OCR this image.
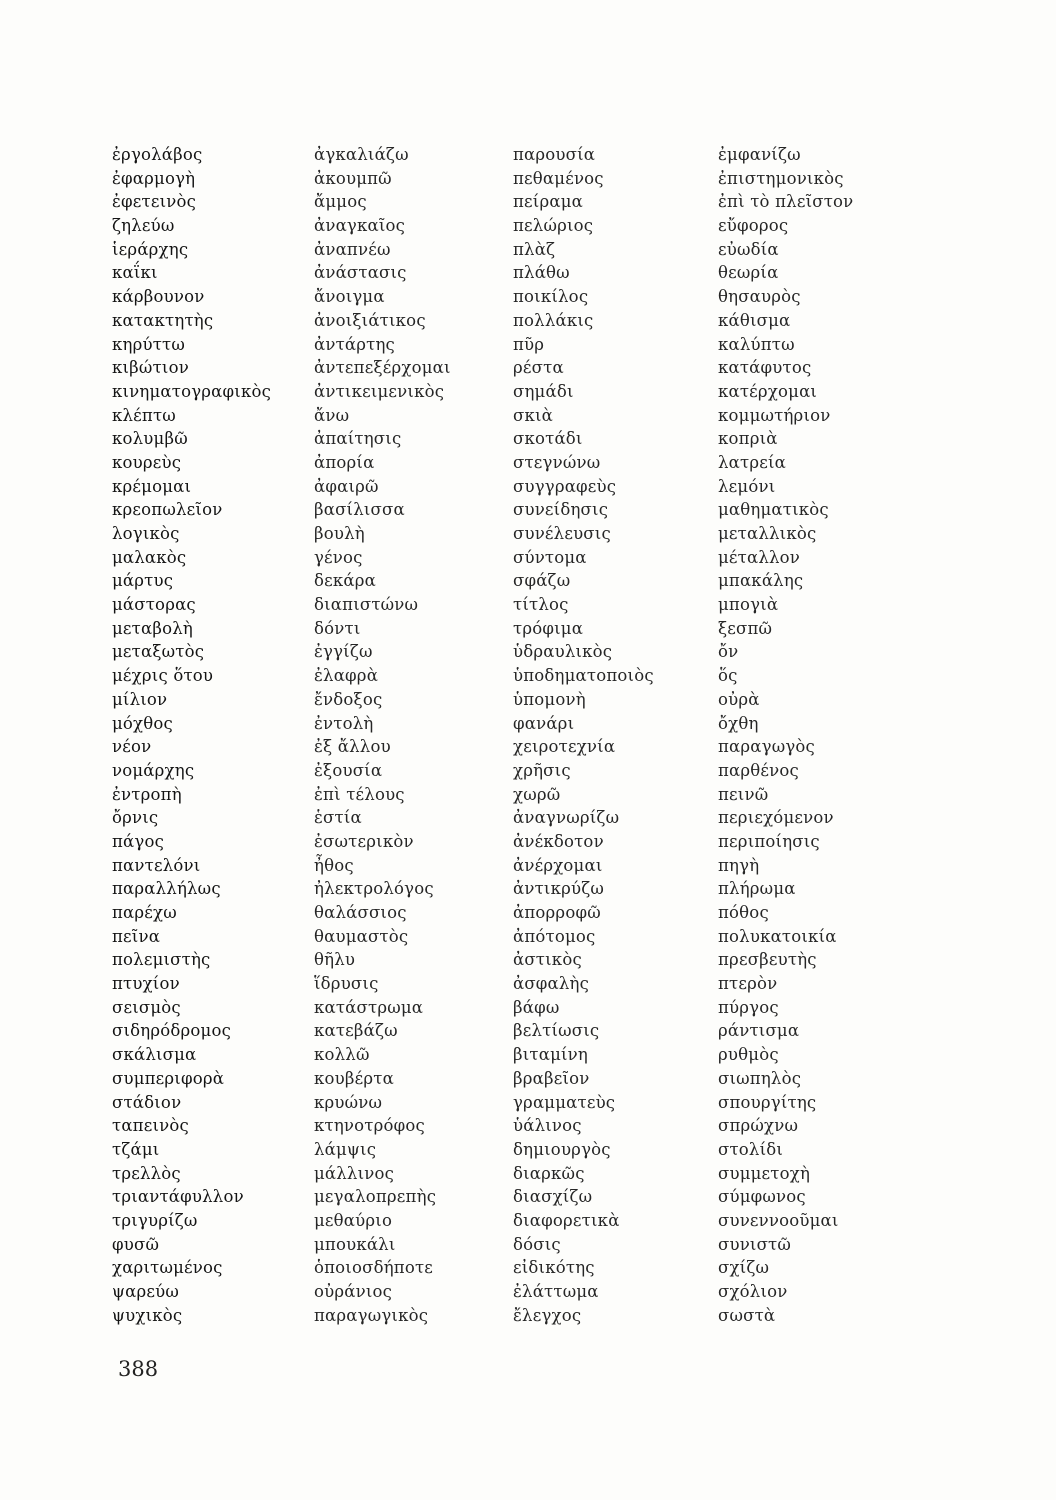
ἐργολάβος
ἐφαρμογὴ
ἐφετεινὸς
ζηλεύω
ἱεράρχης
καΐκι
κάρβουνον
κατακτητὴς
κηρύττω
κιβώτιον
κινηματογραφικὸς
κλέπτω
κολυμβῶ
κουρεὺς
κρέμομαι
κρεοπωλεῖον
λογικὸς
μαλακὸς
μάρτυς
μάστορας
μεταβολὴ
μεταξωτὸς
μέχρις ὅτου
μίλιον
μόχθος
νέον
νομάρχης
ἐντροπὴ
ὄρνις
πάγος
παντελόνι
παραλλήλως
παρέχω
πεῖνα
πολεμιστὴς
πτυχίον
σεισμὸς
σιδηρόδρομος
σκάλισμα
συμπεριφορὰ
στάδιον
ταπεινὸς
τζάμι
τρελλὸς
τριαντάφυλλον
τριγυρίζω
φυσῶ
χαριτωμένος
ψαρεύω
ψυχικὸς
ἀγκαλιάζω
ἀκουμπῶ
ἄμμος
ἀναγκαῖος
ἀναπνέω
ἀνάστασις
ἄνοιγμα
ἀνοιξιάτικος
ἀντάρτης
ἀντεπεξέρχομαι
ἀντικειμενικὸς
ἄνω
ἀπαίτησις
ἀπορία
ἀφαιρῶ
βασίλισσα
βουλὴ
γένος
δεκάρα
διαπιστώνω
δόντι
ἐγγίζω
ἐλαφρὰ
ἔνδοξος
ἐντολὴ
ἐξ ἄλλου
ἐξουσία
ἐπὶ τέλους
ἑστία
ἐσωτερικὸν
ἦθος
ἠλεκτρολόγος
θαλάσσιος
θαυμαστὸς
θῆλυ
ἵδρυσις
κατάστρωμα
κατεβάζω
κολλῶ
κουβέρτα
κρυώνω
κτηνοτρόφος
λάμψις
μάλλινος
μεγαλοπρεπὴς
μεθαύριο
μπουκάλι
ὁποιοσδήποτε
οὐράνιος
παραγωγικὸς
παρουσία
πεθαμένος
πείραμα
πελώριος
πλὰζ
πλάθω
ποικίλος
πολλάκις
πῦρ
ρέστα
σημάδι
σκιὰ
σκοτάδι
στεγνώνω
συγγραφεὺς
συνείδησις
συνέλευσις
σύντομα
σφάζω
τίτλος
τρόφιμα
ὑδραυλικὸς
ὑποδηματοποιὸς
ὑπομονὴ
φανάρι
χειροτεχνία
χρῆσις
χωρῶ
ἀναγνωρίζω
ἀνέκδοτον
ἀνέρχομαι
ἀντικρύζω
ἀπορροφῶ
ἀπότομος
ἀστικὸς
ἀσφαλὴς
βάφω
βελτίωσις
βιταμίνη
βραβεῖον
γραμματεὺς
ὑάλινος
δημιουργὸς
διαρκῶς
διασχίζω
διαφορετικὰ
δόσις
εἰδικότης
ἐλάττωμα
ἔλεγχος
ἐμφανίζω
ἐπιστημονικὸς
ἐπὶ τὸ πλεῖστον
εὔφορος
εὐωδία
θεωρία
θησαυρὸς
κάθισμα
καλύπτω
κατάφυτος
κατέρχομαι
κομμωτήριον
κοπριὰ
λατρεία
λεμόνι
μαθηματικὸς
μεταλλικὸς
μέταλλον
μπακάλης
μπογιὰ
ξεσπῶ
ὄν
ὅς
οὐρὰ
ὄχθη
παραγωγὸς
παρθένος
πεινῶ
περιεχόμενον
περιποίησις
πηγὴ
πλήρωμα
πόθος
πολυκατοικία
πρεσβευτὴς
πτερὸν
πύργος
ράντισμα
ρυθμὸς
σιωπηλὸς
σπουργίτης
σπρώχνω
στολίδι
συμμετοχὴ
σύμφωνος
συνεννοοῦμαι
συνιστῶ
σχίζω
σχόλιον
σωστὰ
388
